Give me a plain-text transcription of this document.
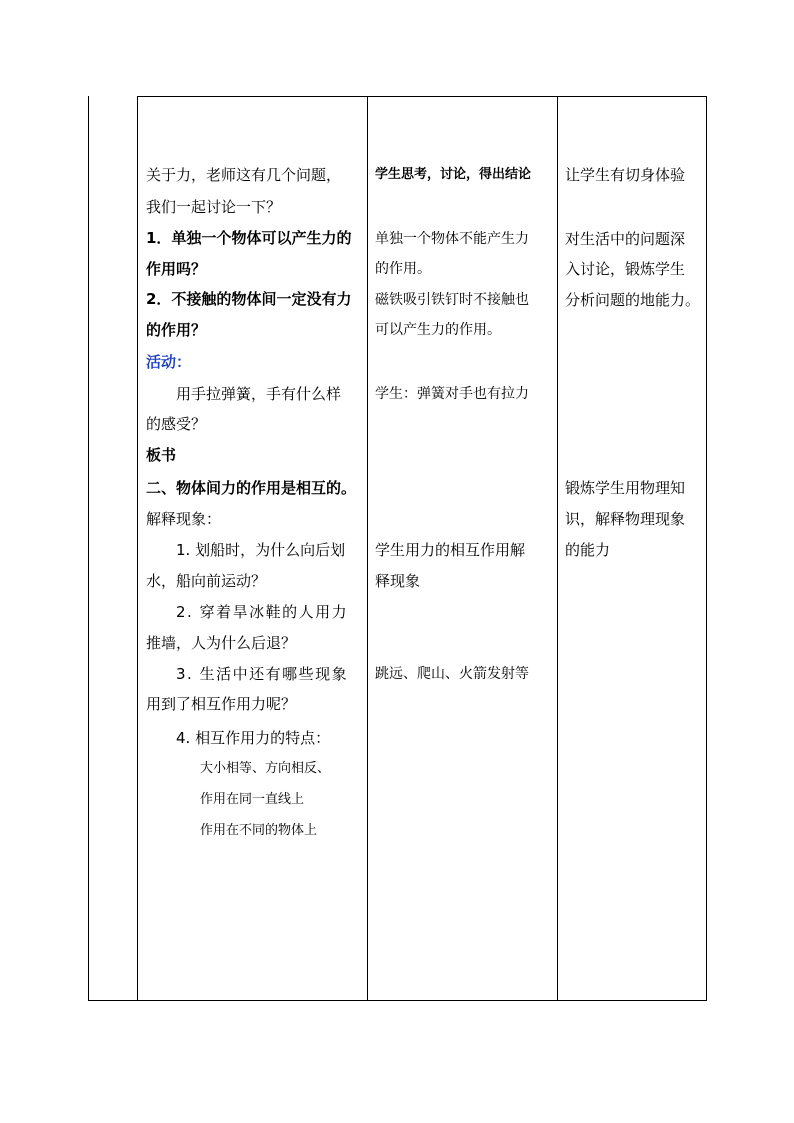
关于力，老师这有几个问题，
我们一起讨论一下？
1．单独一个物体可以产生力的
作用吗？
2．不接触的物体间一定没有力
的作用？
活动：
用手拉弹簧，手有什么样
的感受？
板书
二、物体间力的作用是相互的。
解释现象：
1. 划船时，为什么向后划
水，船向前运动？
2. 穿着旱冰鞋的人用力
推墙，人为什么后退？
3. 生活中还有哪些现象
用到了相互作用力呢？
4. 相互作用力的特点：
大小相等、方向相反、
作用在同一直线上
作用在不同的物体上
学生思考，讨论，得出结论
单独一个物体不能产生力
的作用。
磁铁吸引铁钉时不接触也
可以产生力的作用。
学生：弹簧对手也有拉力
学生用力的相互作用解
释现象
跳远、爬山、火箭发射等
让学生有切身体验
对生活中的问题深
入讨论，锻炼学生
分析问题的地能力。
锻炼学生用物理知
识，解释物理现象
的能力
